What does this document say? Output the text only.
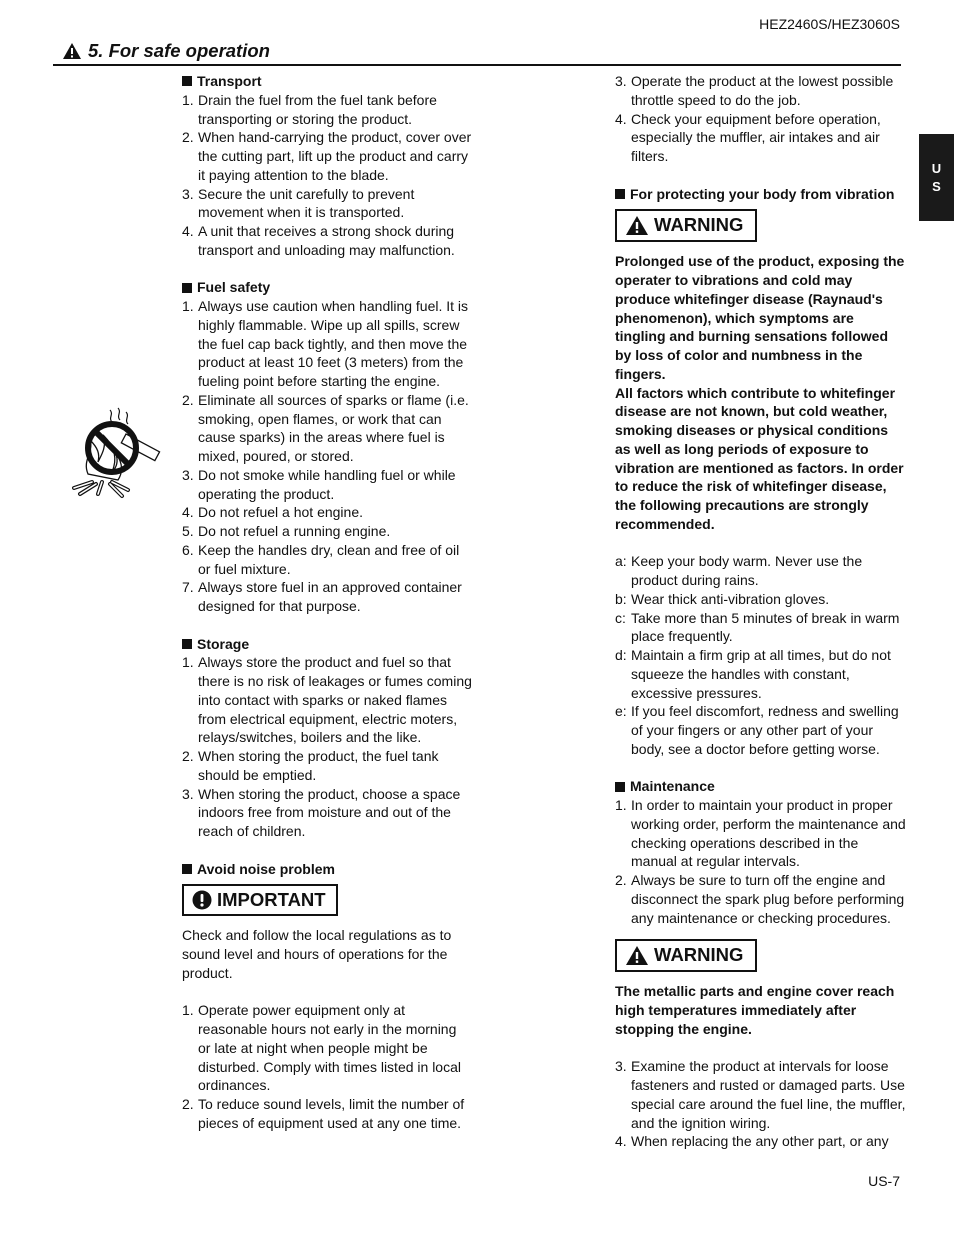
HEZ2460S/HEZ3060S
5. For safe operation
U
S
Transport
1. Drain the fuel from the fuel tank before transporting or storing the product.
2. When hand-carrying the product, cover over the cutting part, lift up the product and carry it paying attention to the blade.
3. Secure the unit carefully to prevent movement when it is transported.
4. A unit that receives a strong shock during transport and unloading may malfunction.
Fuel safety
1. Always use caution when handling fuel. It is highly flammable. Wipe up all spills, screw the fuel cap back tightly, and then move the product at least 10 feet (3 meters) from the fueling point before starting the engine.
2. Eliminate all sources of sparks or flame (i.e. smoking, open flames, or work that can cause sparks) in the areas where fuel is mixed, poured, or stored.
3. Do not smoke while handling fuel or while operating the product.
4. Do not refuel a hot engine.
5. Do not refuel a running engine.
6. Keep the handles dry, clean and free of oil or fuel mixture.
7. Always store fuel in an approved container designed for that purpose.
Storage
1. Always store the product and fuel so that there is no risk of leakages or fumes coming into contact with sparks or naked flames from electrical equipment, electric moters, relays/switches, boilers and the like.
2. When storing the product, the fuel tank should be emptied.
3. When storing the product, choose a space indoors free from moisture and out of the reach of children.
Avoid noise problem
IMPORTANT
Check and follow the local regulations as to sound level and hours of operations for the product.
1. Operate power equipment only at reasonable hours not early in the morning or late at night when people might be disturbed. Comply with times listed in local ordinances.
2. To reduce sound levels, limit the number of pieces of equipment used at any one time.
3. Operate the product at the lowest possible throttle speed to do the job.
4. Check your equipment before operation, especially the muffler, air intakes and air filters.
For protecting your body from vibration
WARNING
Prolonged use of the product, exposing the operater to vibrations and cold may produce whitefinger disease (Raynaud's phenomenon), which symptoms are tingling and burning sensations followed by loss of color and numbness in the fingers.
All factors which contribute to whitefinger disease are not known, but cold weather, smoking diseases or physical conditions as well as long periods of exposure to vibration are mentioned as factors. In order to reduce the risk of whitefinger disease, the following precautions are strongly recommended.
a: Keep your body warm. Never use the product during rains.
b: Wear thick anti-vibration gloves.
c: Take more than 5 minutes of break in warm place frequently.
d: Maintain a firm grip at all times, but do not squeeze the handles with constant, excessive pressures.
e: If you feel discomfort, redness and swelling of your fingers or any other part of your body, see a doctor before getting worse.
Maintenance
1. In order to maintain your product in proper working order, perform the maintenance and checking operations described in the manual at regular intervals.
2. Always be sure to turn off the engine and disconnect the spark plug before performing any maintenance or checking procedures.
WARNING
The metallic parts and engine cover reach high temperatures immediately after stopping the engine.
3. Examine the product at intervals for loose fasteners and rusted or damaged parts. Use special care around the fuel line, the muffler, and the ignition wiring.
4. When replacing the any other part, or any
US-7
